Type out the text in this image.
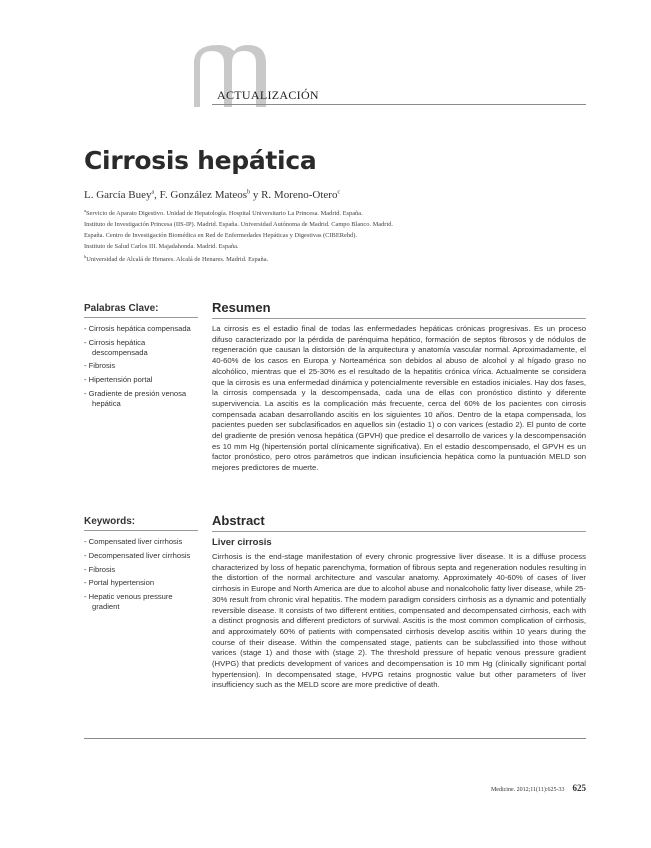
ACTUALIZACIÓN
Cirrosis hepática
L. García Buey$^a$, F. González Mateos$^b$ y R. Moreno-Otero$^c$
$^a$Servicio de Aparato Digestivo. Unidad de Hepatología. Hospital Universitario La Princesa. Madrid. España.
Instituto de Investigación Princesa (IIS-IP). Madrid. España. Universidad Autónoma de Madrid. Campo Blanco. Madrid.
España. Centro de Investigación Biomédica en Red de Enfermedades Hepáticas y Digestivas (CIBERehd).
Instituto de Salud Carlos III. Majadahonda. Madrid. España.
$^b$Universidad de Alcalá de Henares. Alcalá de Henares. Madrid. España.
Palabras Clave:
- Cirrosis hepática compensada
- Cirrosis hepática descompensada
- Fibrosis
- Hipertensión portal
- Gradiente de presión venosa hepática
Keywords:
- Compensated liver cirrhosis
- Decompensated liver cirrhosis
- Fibrosis
- Portal hypertension
- Hepatic venous pressure gradient
Resumen

La cirrosis es el estadio final de todas las enfermedades hepáticas crónicas progresivas. Es un proceso difuso caracterizado por la pérdida de parénquima hepático, formación de septos fibrosos y de nódulos de regeneración que causan la distorsión de la arquitectura y anatomía vascular normal. Aproximadamente, el 40-60% de los casos en Europa y Norteamérica son debidos al abuso de alcohol y al hígado graso no alcohólico, mientras que el 25-30% es el resultado de la hepatitis crónica vírica. Actualmente se considera que la cirrosis es una enfermedad dinámica y potencialmente reversible en estadios iniciales. Hay dos fases, la cirrosis compensada y la descompensada, cada una de ellas con pronóstico distinto y diferente supervivencia. La ascitis es la complicación más frecuente, cerca del 60% de los pacientes con cirrosis compensada acaban desarrollando ascitis en los siguientes 10 años. Dentro de la etapa compensada, los pacientes pueden ser subclasificados en aquellos sin (estadio 1) o con varices (estadio 2). El punto de corte del gradiente de presión venosa hepática (GPVH) que predice el desarrollo de varices y la descompensación es 10 mm Hg (hipertensión portal clínicamente significativa). En el estadio descompensado, el GPVH es un factor pronóstico, pero otros parámetros que indican insuficiencia hepática como la puntuación MELD son mejores predictores de muerte.

Abstract
Liver cirrosis

Cirrhosis is the end-stage manifestation of every chronic progressive liver disease. It is a diffuse process characterized by loss of hepatic parenchyma, formation of fibrous septa and regeneration nodules resulting in the distortion of the normal architecture and vascular anatomy. Approximately 40-60% of cases of liver cirrhosis in Europe and North America are due to alcohol abuse and nonalcoholic fatty liver disease, while 25-30% result from chronic viral hepatitis. The modern paradigm considers cirrhosis as a dynamic and potentially reversible disease. It consists of two different entities, compensated and decompensated cirrhosis, each with a distinct prognosis and different predictors of survival. Ascitis is the most common complication of cirrhosis, and approximately 60% of patients with compensated cirrhosis develop ascitis within 10 years during the course of their disease. Within the compensated stage, patients can be subclassified into those without varices (stage 1) and those with (stage 2). The threshold pressure of hepatic venous pressure gradient (HVPG) that predicts development of varices and decompensation is 10 mm Hg (clinically significant portal hypertension). In decompensated stage, HVPG retains prognostic value but other parameters of liver insufficiency such as the MELD score are more predictive of death.

Medicine. 2012;11(11):625-33 625
